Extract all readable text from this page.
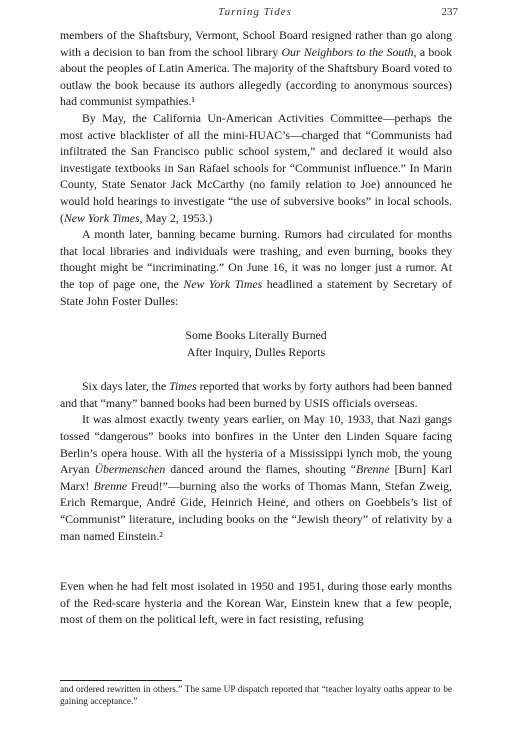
Turning Tides	237

members of the Shaftsbury, Vermont, School Board resigned rather than go along with a decision to ban from the school library Our Neighbors to the South, a book about the peoples of Latin America. The majority of the Shaftsbury Board voted to outlaw the book because its authors allegedly (according to anonymous sources) had communist sympathies.¹

By May, the California Un-American Activities Committee—perhaps the most active blacklister of all the mini-HUAC’s—charged that “Communists had infiltrated the San Francisco public school system,” and declared it would also investigate textbooks in San Rafael schools for “Communist influence.” In Marin County, State Senator Jack McCarthy (no family relation to Joe) announced he would hold hearings to investigate “the use of subversive books” in local schools. (New York Times, May 2, 1953.)

A month later, banning became burning. Rumors had circulated for months that local libraries and individuals were trashing, and even burning, books they thought might be “incriminating.” On June 16, it was no longer just a rumor. At the top of page one, the New York Times headlined a statement by Secretary of State John Foster Dulles:

Some Books Literally Burned
After Inquiry, Dulles Reports

Six days later, the Times reported that works by forty authors had been banned and that “many” banned books had been burned by USIS officials overseas.

It was almost exactly twenty years earlier, on May 10, 1933, that Nazi gangs tossed “dangerous” books into bonfires in the Unter den Linden Square facing Berlin’s opera house. With all the hysteria of a Mississippi lynch mob, the young Aryan Übermenschen danced around the flames, shouting “Brenne [Burn] Karl Marx! Brenne Freud!”—burning also the works of Thomas Mann, Stefan Zweig, Erich Remarque, André Gide, Heinrich Heine, and others on Goebbels’s list of “Communist” literature, including books on the “Jewish theory” of relativity by a man named Einstein.²

Even when he had felt most isolated in 1950 and 1951, during those early months of the Red-scare hysteria and the Korean War, Einstein knew that a few people, most of them on the political left, were in fact resisting, refusing

and ordered rewritten in others.” The same UP dispatch reported that “teacher loyalty oaths appear to be gaining acceptance.”
